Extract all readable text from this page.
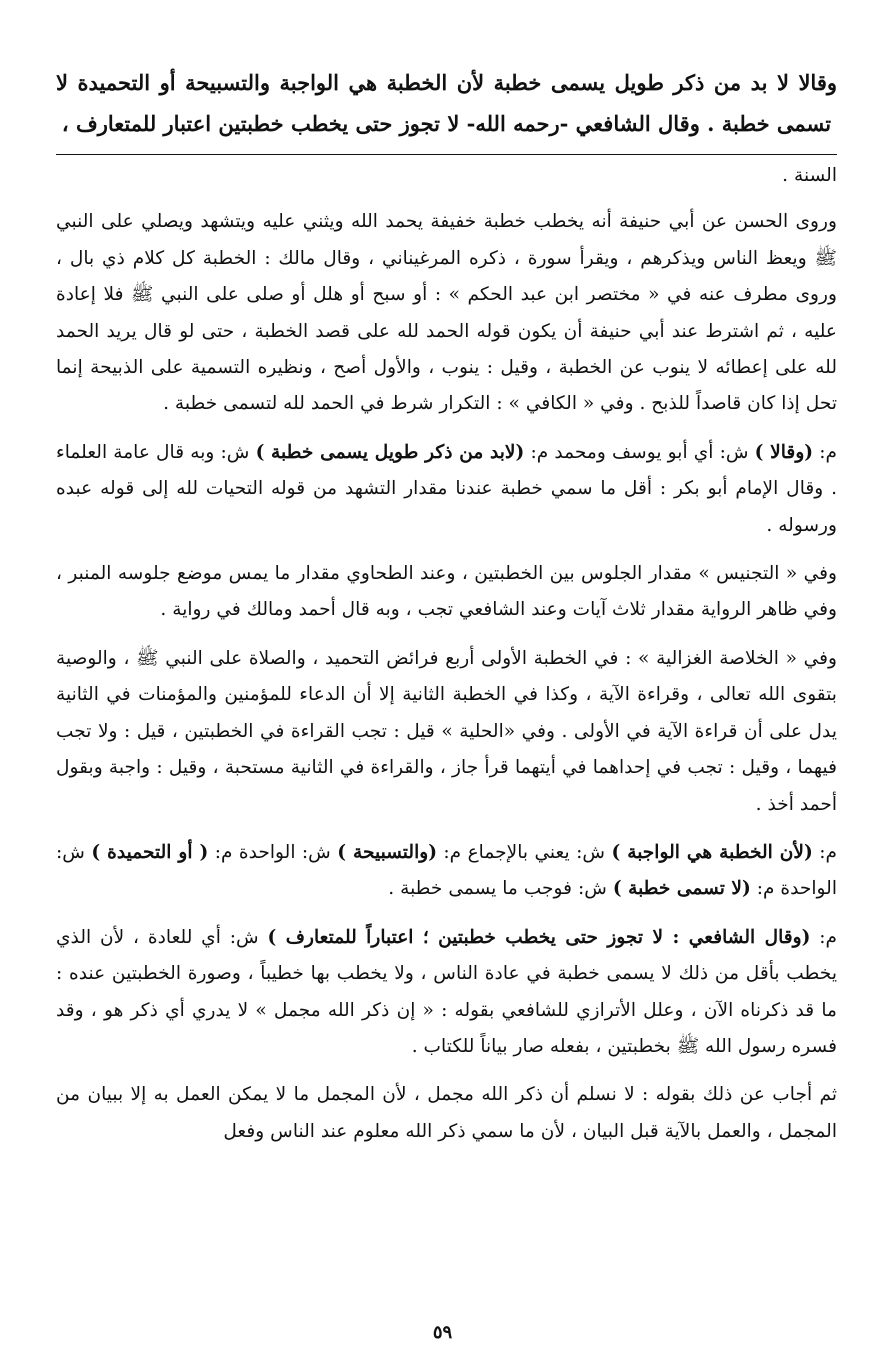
وقالا لا بد من ذكر طويل يسمى خطبة لأن الخطبة هي الواجبة والتسبيحة أو التحميدة لا تسمى خطبة . وقال الشافعي -رحمه الله- لا تجوز حتى يخطب خطبتين اعتبار للمتعارف ،

السنة .

وروى الحسن عن أبي حنيفة أنه يخطب خطبة خفيفة يحمد الله ويثني عليه ويتشهد ويصلي على النبي ﷺ ويعظ الناس ويذكرهم ، ويقرأ سورة ، ذكره المرغيناني ، وقال مالك : الخطبة كل كلام ذي بال ، وروى مطرف عنه في « مختصر ابن عبد الحكم » : أو سبح أو هلل أو صلى على النبي ﷺ فلا إعادة عليه ، ثم اشترط عند أبي حنيفة أن يكون قوله الحمد لله على قصد الخطبة ، حتى لو قال يريد الحمد لله على إعطائه لا ينوب عن الخطبة ، وقيل : ينوب ، والأول أصح ، ونظيره التسمية على الذبيحة إنما تحل إذا كان قاصداً للذبح . وفي « الكافي » : التكرار شرط في الحمد لله لتسمى خطبة .

م: (وقالا ) ش: أي أبو يوسف ومحمد م: (لابد من ذكر طويل يسمى خطبة ) ش: وبه قال عامة العلماء . وقال الإمام أبو بكر : أقل ما سمي خطبة عندنا مقدار التشهد من قوله التحيات لله إلى قوله عبده ورسوله .

وفي « التجنيس » مقدار الجلوس بين الخطبتين ، وعند الطحاوي مقدار ما يمس موضع جلوسه المنبر ، وفي ظاهر الرواية مقدار ثلاث آيات وعند الشافعي تجب ، وبه قال أحمد ومالك في رواية .

وفي « الخلاصة الغزالية » : في الخطبة الأولى أربع فرائض التحميد ، والصلاة على النبي ﷺ ، والوصية بتقوى الله تعالى ، وقراءة الآية ، وكذا في الخطبة الثانية إلا أن الدعاء للمؤمنين والمؤمنات في الثانية يدل على أن قراءة الآية في الأولى . وفي «الحلية » قيل : تجب القراءة في الخطبتين ، قيل : ولا تجب فيهما ، وقيل : تجب في إحداهما في أيتهما قرأ جاز ، والقراءة في الثانية مستحبة ، وقيل : واجبة وبقول أحمد أخذ .

م: (لأن الخطبة هي الواجبة ) ش: يعني بالإجماع م: (والتسبيحة ) ش: الواحدة م: ( أو التحميدة ) ش: الواحدة م: (لا تسمى خطبة ) ش: فوجب ما يسمى خطبة .

م: (وقال الشافعي : لا تجوز حتى يخطب خطبتين ؛ اعتباراً للمتعارف ) ش: أي للعادة ، لأن الذي يخطب بأقل من ذلك لا يسمى خطبة في عادة الناس ، ولا يخطب بها خطيباً ، وصورة الخطبتين عنده : ما قد ذكرناه الآن ، وعلل الأترازي للشافعي بقوله : « إن ذكر الله مجمل » لا يدري أي ذكر هو ، وقد فسره رسول الله ﷺ بخطبتين ، بفعله صار بياناً للكتاب .

ثم أجاب عن ذلك بقوله : لا نسلم أن ذكر الله مجمل ، لأن المجمل ما لا يمكن العمل به إلا ببيان من المجمل ، والعمل بالآية قبل البيان ، لأن ما سمي ذكر الله معلوم عند الناس وفعل

٥٩
